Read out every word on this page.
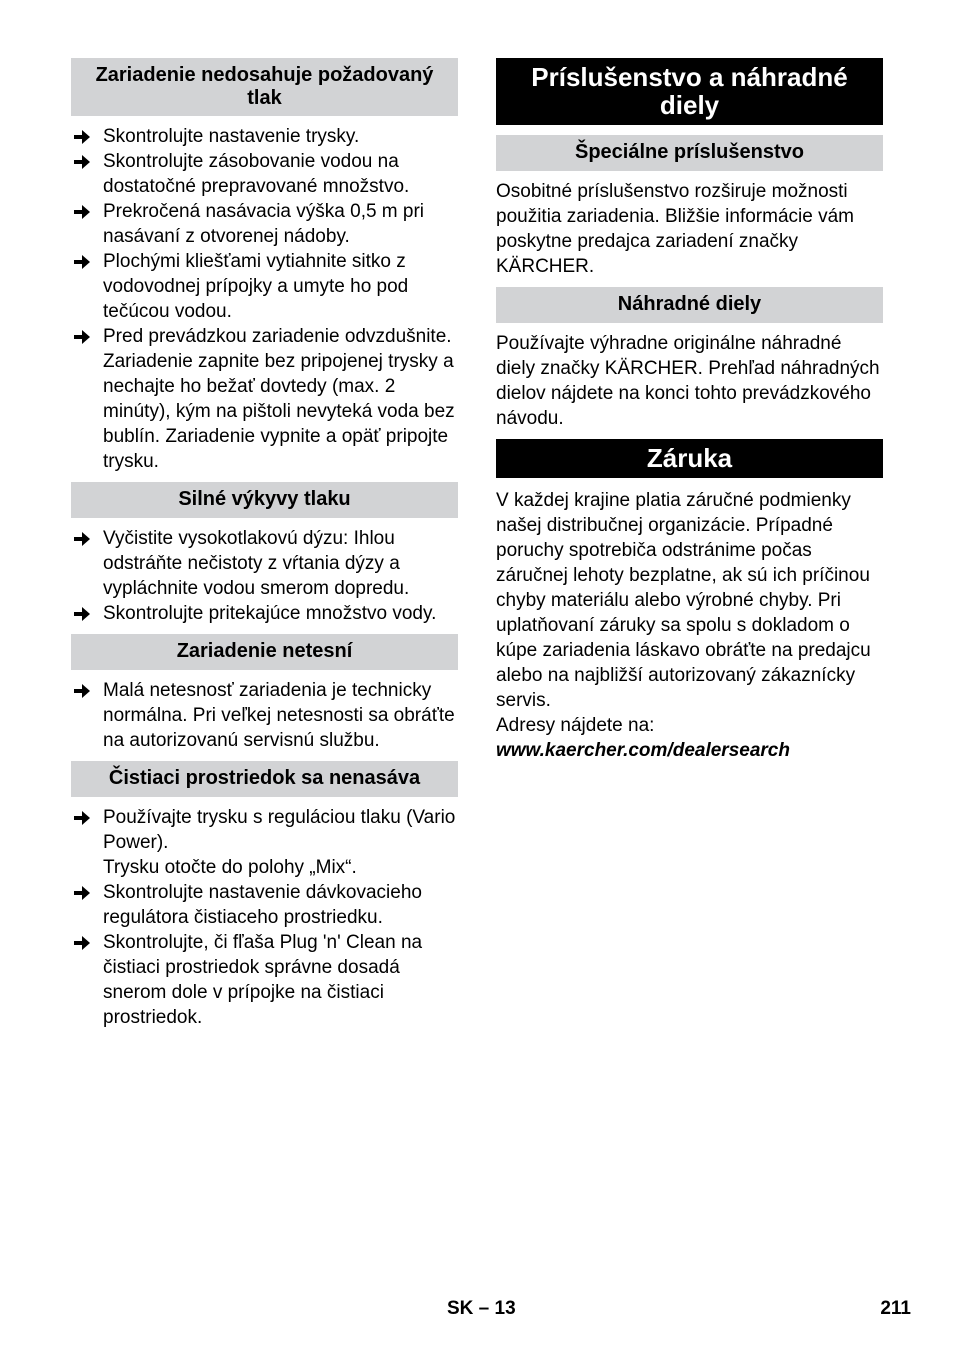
Zariadenie nedosahuje požadovaný tlak
Skontrolujte nastavenie trysky.
Skontrolujte zásobovanie vodou na dostatočné prepravované množstvo.
Prekročená nasávacia výška 0,5 m pri nasávaní z otvorenej nádoby.
Plochými kliešťami vytiahnite sitko z vodovodnej prípojky a umyte ho pod tečúcou vodou.
Pred prevádzkou zariadenie odvzdušnite.
Zariadenie zapnite bez pripojenej trysky a nechajte ho bežať dovtedy (max. 2 minúty), kým na pištoli nevyteká voda bez bublín. Zariadenie vypnite a opäť pripojte trysku.
Silné výkyvy tlaku
Vyčistite vysokotlakovú dýzu: Ihlou odstráňte nečistoty z vŕtania dýzy a vypláchnite vodou smerom dopredu.
Skontrolujte pritekajúce množstvo vody.
Zariadenie netesní
Malá netesnosť zariadenia je technicky normálna. Pri veľkej netesnosti sa obráťte na autorizovanú servisnú službu.
Čistiaci prostriedok sa nenasáva
Používajte trysku s reguláciou tlaku (Vario Power).
Trysku otočte do polohy „Mix“.
Skontrolujte nastavenie dávkovacieho regulátora čistiaceho prostriedku.
Skontrolujte, či fľaša Plug 'n' Clean na čistiaci prostriedok správne dosadá snerom dole v prípojke na čistiaci prostriedok.
Príslušenstvo a náhradné diely
Špeciálne príslušenstvo

Osobitné príslušenstvo rozširuje možnosti použitia zariadenia. Bližšie informácie vám poskytne predajca zariadení značky KÄRCHER.

Náhradné diely

Používajte výhradne originálne náhradné diely značky KÄRCHER. Prehľad náhradných dielov nájdete na konci tohto prevádzkového návodu.

Záruka

V každej krajine platia záručné podmienky našej distribučnej organizácie. Prípadné poruchy spotrebiča odstránime počas záručnej lehoty bezplatne, ak sú ich príčinou chyby materiálu alebo výrobné chyby. Pri uplatňovaní záruky sa spolu s dokladom o kúpe zariadenia láskavo obráťte na predajcu alebo na najbližší autorizovaný zákaznícky servis.

Adresy nájdete na:
www.kaercher.com/dealersearch
SK – 13	211
